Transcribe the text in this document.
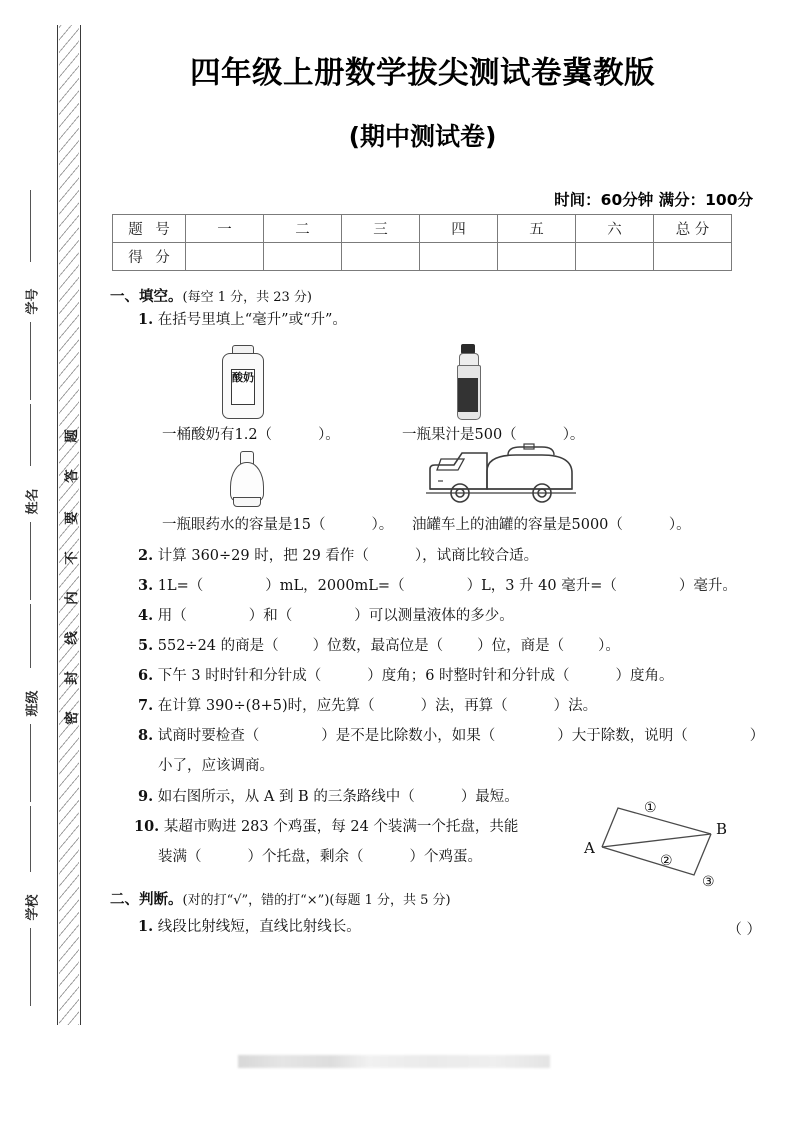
密
封
线
内
不
要
答
题
学号
姓名
班级
学校
四年级上册数学拔尖测试卷冀教版
(期中测试卷)
时间：60分钟 满分：100分
题 号	一	二	三	四	五	六	总 分
得 分							
一、填空。(每空 1 分，共 23 分)
1. 在括号里填上“毫升”或“升”。
酸奶
一桶酸奶有1.2（	）。	一瓶果汁是500（	）。
一瓶眼药水的容量是15（	）。 油罐车上的油罐的容量是5000（	）。
2. 计算 360÷29 时，把 29 看作（	），试商比较合适。
3. 1L=（	）mL，2000mL=（	）L，3 升 40 毫升=（	）毫升。
4. 用（	）和（	）可以测量液体的多少。
5. 552÷24 的商是（ ）位数，最高位是（ ）位，商是（ ）。
6. 下午 3 时时针和分针成（	）度角；6 时整时针和分针成（	）度角。
7. 在计算 390÷(8+5)时，应先算（	）法，再算（	）法。
8. 试商时要检查（	）是不是比除数小，如果（	）大于除数，说明（	）
小了，应该调商。
9. 如右图所示，从 A 到 B 的三条路线中（	）最短。
10. 某超市购进 283 个鸡蛋，每 24 个装满一个托盘，共能
装满（	）个托盘，剩余（	）个鸡蛋。	A
B
①
②
③
二、判断。(对的打“√”，错的打“×”)(每题 1 分，共 5 分)
1. 线段比射线短，直线比射线长。	（ ）
